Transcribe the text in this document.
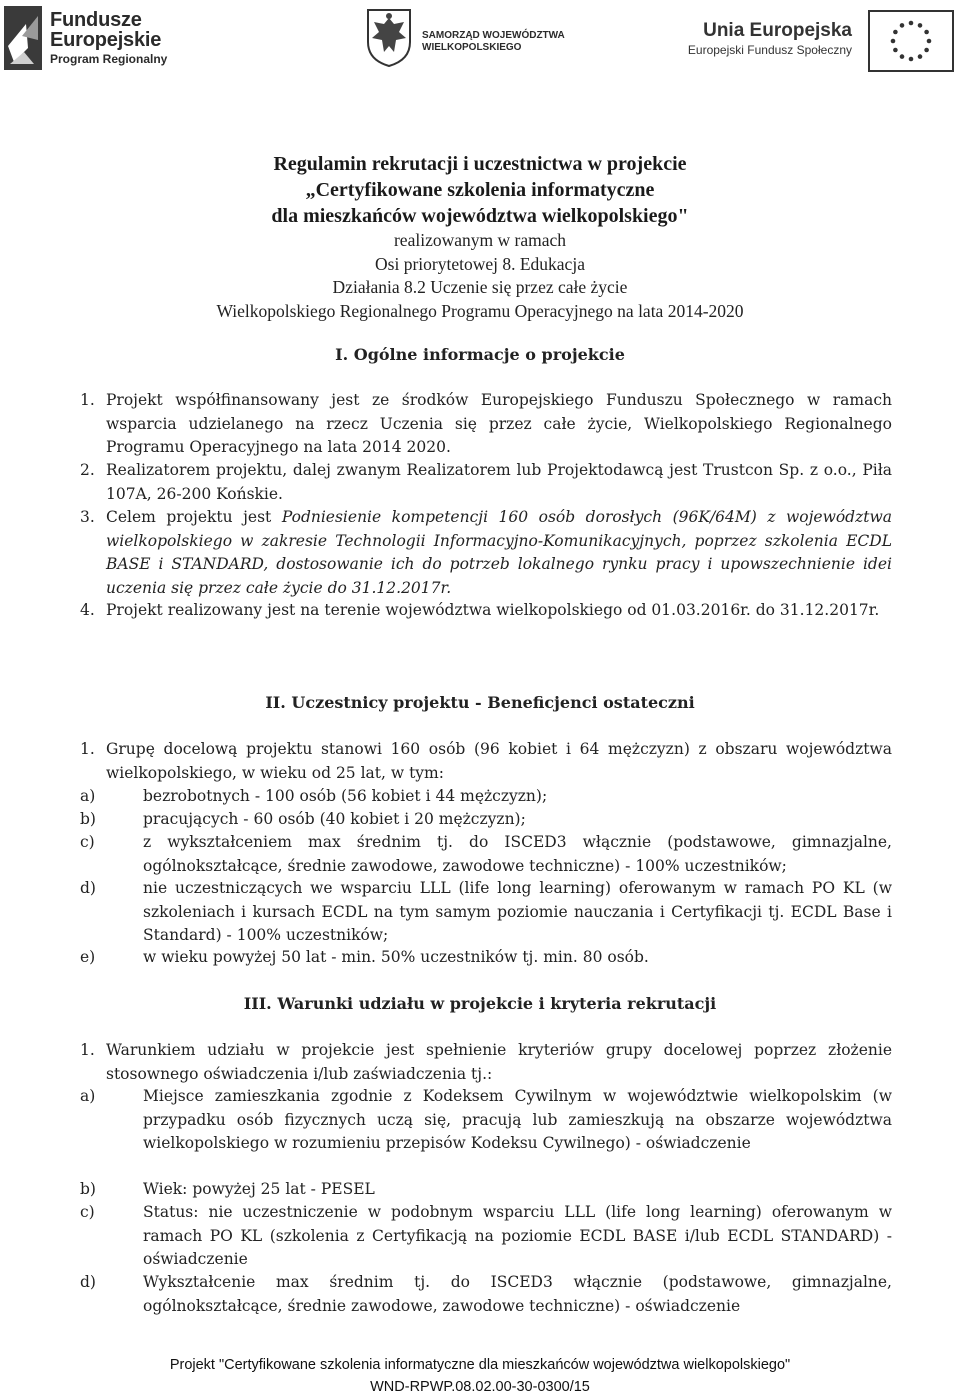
Fundusze
Europejskie
Program Regionalny
SAMORZĄD WOJEWÓDZTWA
WIELKOPOLSKIEGO
Unia Europejska
Europejski Fundusz Społeczny
Regulamin rekrutacji i uczestnictwa w projekcie
„Certyfikowane szkolenia informatyczne
dla mieszkańców województwa wielkopolskiego"
realizowanym w ramach
Osi priorytetowej 8. Edukacja
Działania 8.2 Uczenie się przez całe życie
Wielkopolskiego Regionalnego Programu Operacyjnego na lata 2014-2020
I. Ogólne informacje o projekcie
1. Projekt współfinansowany jest ze środków Europejskiego Funduszu Społecznego w ramach wsparcia udzielanego na rzecz Uczenia się przez całe życie, Wielkopolskiego Regionalnego Programu Operacyjnego na lata 2014 2020.
2. Realizatorem projektu, dalej zwanym Realizatorem lub Projektodawcą jest Trustcon Sp. z o.o., Piła 107A, 26-200 Końskie.
3. Celem projektu jest Podniesienie kompetencji 160 osób dorosłych (96K/64M) z województwa wielkopolskiego w zakresie Technologii Informacyjno-Komunikacyjnych, poprzez szkolenia ECDL BASE i STANDARD, dostosowanie ich do potrzeb lokalnego rynku pracy i upowszechnienie idei uczenia się przez całe życie do 31.12.2017r.
4. Projekt realizowany jest na terenie województwa wielkopolskiego od 01.03.2016r. do 31.12.2017r.
II. Uczestnicy projektu - Beneficjenci ostateczni
1. Grupę docelową projektu stanowi 160 osób (96 kobiet i 64 mężczyzn) z obszaru województwa wielkopolskiego, w wieku od 25 lat, w tym:
a)	bezrobotnych - 100 osób (56 kobiet i 44 mężczyzn);
b)	pracujących - 60 osób (40 kobiet i 20 mężczyzn);
c)	z wykształceniem max średnim tj. do ISCED3 włącznie (podstawowe, gimnazjalne, ogólnokształcące, średnie zawodowe, zawodowe techniczne) - 100% uczestników;
d)	nie uczestniczących we wsparciu LLL (life long learning) oferowanym w ramach PO KL (w szkoleniach i kursach ECDL na tym samym poziomie nauczania i Certyfikacji tj. ECDL Base i Standard) - 100% uczestników;
e)	w wieku powyżej 50 lat - min. 50% uczestników tj. min. 80 osób.
III. Warunki udziału w projekcie i kryteria rekrutacji
1. Warunkiem udziału w projekcie jest spełnienie kryteriów grupy docelowej poprzez złożenie stosownego oświadczenia i/lub zaświadczenia tj.:
a)	Miejsce zamieszkania zgodnie z Kodeksem Cywilnym w województwie wielkopolskim (w przypadku osób fizycznych uczą się, pracują lub zamieszkują na obszarze województwa wielkopolskiego w rozumieniu przepisów Kodeksu Cywilnego) - oświadczenie
b)	Wiek: powyżej 25 lat - PESEL
c)	Status: nie uczestniczenie w podobnym wsparciu LLL (life long learning) oferowanym w ramach PO KL (szkolenia z Certyfikacją na poziomie ECDL BASE i/lub ECDL STANDARD) - oświadczenie
d)	Wykształcenie max średnim tj. do ISCED3 włącznie (podstawowe, gimnazjalne, ogólnokształcące, średnie zawodowe, zawodowe techniczne) - oświadczenie
Projekt "Certyfikowane szkolenia informatyczne dla mieszkańców województwa wielkopolskiego"
WND-RPWP.08.02.00-30-0300/15
